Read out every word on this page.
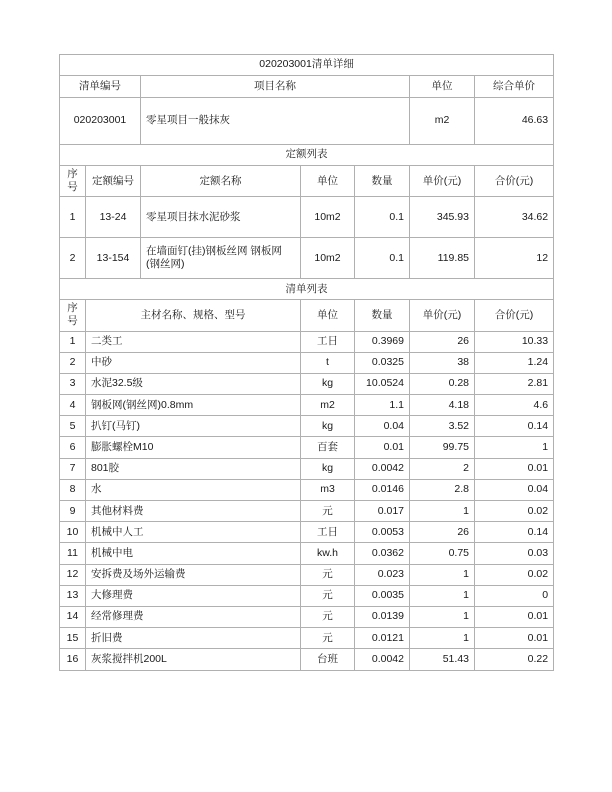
020203001清单详细						
清单编号		项目名称			单位	综合单价
020203001		零星项目一般抹灰			m2	46.63
定额列表						
序号	定额编号	定额名称	单位	数量	单价(元)	合价(元)
1	13-24	零星项目抹水泥砂浆	10m2	0.1	345.93	34.62
2	13-154	在墙面钉(挂)钢板丝网 钢板网(钢丝网)	10m2	0.1	119.85	12
清单列表						
序号	主材名称、规格、型号		单位	数量	单价(元)	合价(元)
1	二类工		工日	0.3969	26	10.33
2	中砂		t	0.0325	38	1.24
3	水泥32.5级		kg	10.0524	0.28	2.81
4	钢板网(钢丝网)0.8mm		m2	1.1	4.18	4.6
5	扒钉(马钉)		kg	0.04	3.52	0.14
6	膨胀螺栓M10		百套	0.01	99.75	1
7	801胶		kg	0.0042	2	0.01
8	水		m3	0.0146	2.8	0.04
9	其他材料费		元	0.017	1	0.02
10	机械中人工		工日	0.0053	26	0.14
11	机械中电		kw.h	0.0362	0.75	0.03
12	安拆费及场外运输费		元	0.023	1	0.02
13	大修理费		元	0.0035	1	0
14	经常修理费		元	0.0139	1	0.01
15	折旧费		元	0.0121	1	0.01
16	灰浆搅拌机200L		台班	0.0042	51.43	0.22
